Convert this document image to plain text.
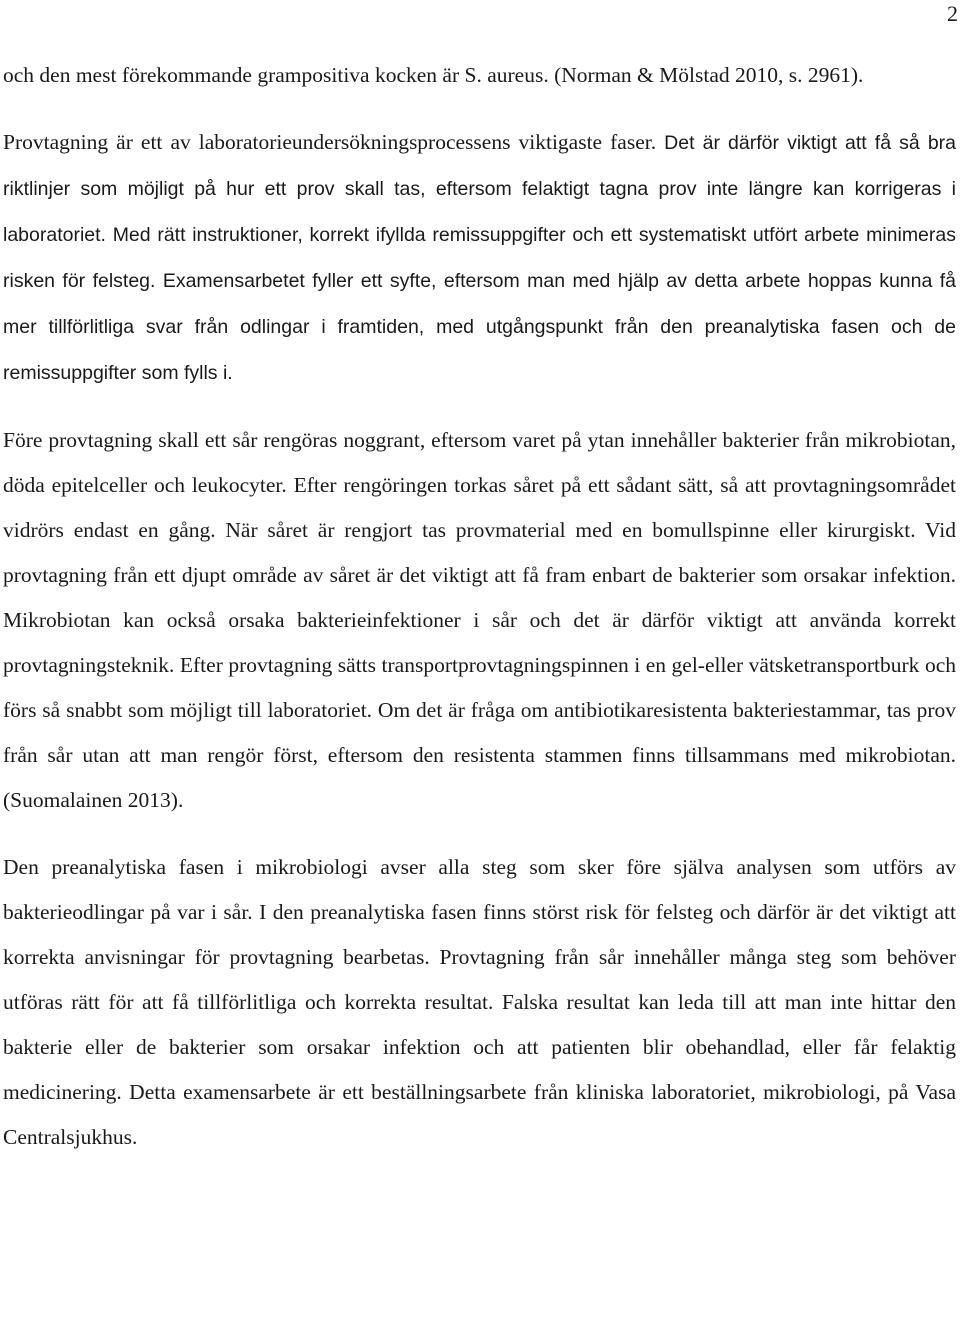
2

och den mest förekommande grampositiva kocken är S. aureus. (Norman & Mölstad 2010, s. 2961).

Provtagning är ett av laboratorieundersökningsprocessens viktigaste faser. Det är därför viktigt att få så bra riktlinjer som möjligt på hur ett prov skall tas, eftersom felaktigt tagna prov inte längre kan korrigeras i laboratoriet. Med rätt instruktioner, korrekt ifyllda remissuppgifter och ett systematiskt utfört arbete minimeras risken för felsteg. Examensarbetet fyller ett syfte, eftersom man med hjälp av detta arbete hoppas kunna få mer tillförlitliga svar från odlingar i framtiden, med utgångspunkt från den preanalytiska fasen och de remissuppgifter som fylls i.

Före provtagning skall ett sår rengöras noggrant, eftersom varet på ytan innehåller bakterier från mikrobiotan, döda epitelceller och leukocyter. Efter rengöringen torkas såret på ett sådant sätt, så att provtagningsområdet vidrörs endast en gång. När såret är rengjort tas provmaterial med en bomullspinne eller kirurgiskt. Vid provtagning från ett djupt område av såret är det viktigt att få fram enbart de bakterier som orsakar infektion. Mikrobiotan kan också orsaka bakterieinfektioner i sår och det är därför viktigt att använda korrekt provtagningsteknik. Efter provtagning sätts transportprovtagningspinnen i en gel-eller vätsketransportburk och förs så snabbt som möjligt till laboratoriet. Om det är fråga om antibiotikaresistenta bakteriestammar, tas prov från sår utan att man rengör först, eftersom den resistenta stammen finns tillsammans med mikrobiotan. (Suomalainen 2013).

Den preanalytiska fasen i mikrobiologi avser alla steg som sker före själva analysen som utförs av bakterieodlingar på var i sår. I den preanalytiska fasen finns störst risk för felsteg och därför är det viktigt att korrekta anvisningar för provtagning bearbetas. Provtagning från sår innehåller många steg som behöver utföras rätt för att få tillförlitliga och korrekta resultat. Falska resultat kan leda till att man inte hittar den bakterie eller de bakterier som orsakar infektion och att patienten blir obehandlad, eller får felaktig medicinering. Detta examensarbete är ett beställningsarbete från kliniska laboratoriet, mikrobiologi, på Vasa Centralsjukhus.
